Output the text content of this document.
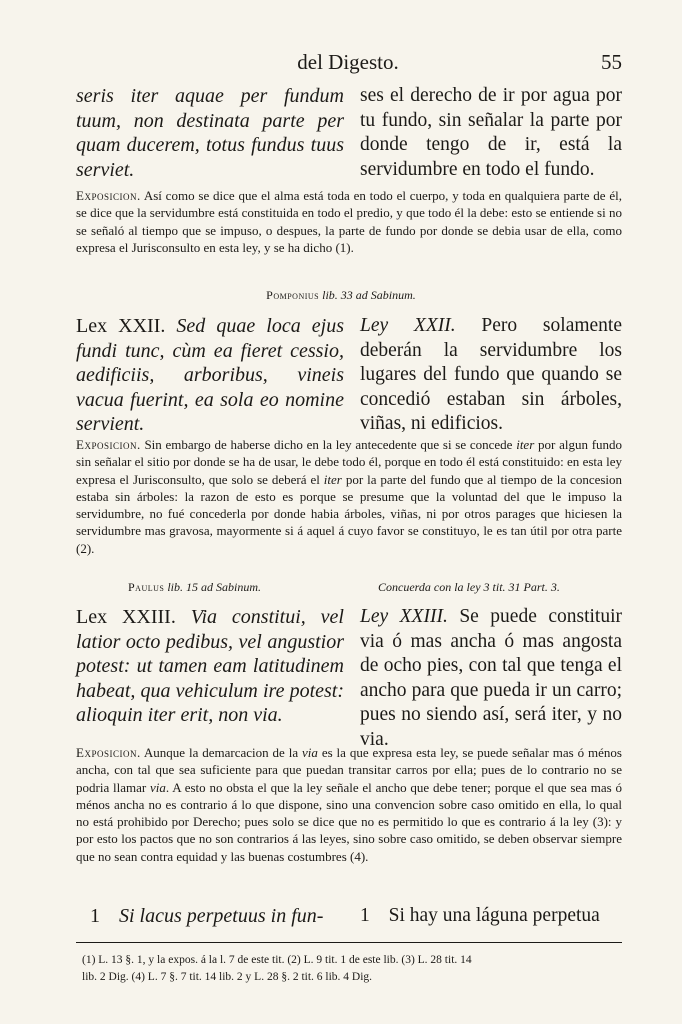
del Digesto.	55
seris iter aquae per fundum tuum, non destinata parte per quam ducerem, totus fundus tuus serviet.
ses el derecho de ir por agua por tu fundo, sin señalar la parte por donde tengo de ir, está la servidumbre en todo el fundo.
Exposicion. Así como se dice que el alma está toda en todo el cuerpo, y toda en qualquiera parte de él, se dice que la servidumbre está constituida en todo el predio, y que todo él la debe: esto se entiende si no se señaló al tiempo que se impuso, o despues, la parte de fundo por donde se debia usar de ella, como expresa el Jurisconsulto en esta ley, y se ha dicho (1).
Pomponius lib. 33 ad Sabinum.
Lex XXII. Sed quae loca ejus fundi tunc, cùm ea fieret cessio, aedificiis, arboribus, vineis vacua fuerint, ea sola eo nomine servient.
Ley XXII. Pero solamente deberán la servidumbre los lugares del fundo que quando se concedió estaban sin árboles, viñas, ni edificios.
Exposicion. Sin embargo de haberse dicho en la ley antecedente que si se concede iter por algun fundo sin señalar el sitio por donde se ha de usar, le debe todo él, porque en todo él está constituido: en esta ley expresa el Jurisconsulto, que solo se deberá el iter por la parte del fundo que al tiempo de la concesion estaba sin árboles: la razon de esto es porque se presume que la voluntad del que le impuso la servidumbre, no fué concederla por donde habia árboles, viñas, ni por otros parages que hiciesen la servidumbre mas gravosa, mayormente si á aquel á cuyo favor se constituyo, le es tan útil por otra parte (2).
Paulus lib. 15 ad Sabinum.	Concuerda con la ley 3 tit. 31 Part. 3.
Lex XXIII. Via constitui, vel latior octo pedibus, vel angustior potest: ut tamen eam latitudinem habeat, qua vehiculum ire potest: alioquin iter erit, non via.
Ley XXIII. Se puede constituir via ó mas ancha ó mas angosta de ocho pies, con tal que tenga el ancho para que pueda ir un carro; pues no siendo así, será iter, y no via.
Exposicion. Aunque la demarcacion de la via es la que expresa esta ley, se puede señalar mas ó ménos ancha, con tal que sea suficiente para que puedan transitar carros por ella; pues de lo contrario no se podria llamar via. A esto no obsta el que la ley señale el ancho que debe tener; porque el que sea mas ó ménos ancha no es contrario á lo que dispone, sino una convencion sobre caso omitido en ella, lo qual no está prohibido por Derecho; pues solo se dice que no es permitido lo que es contrario á la ley (3): y por esto los pactos que no son contrarios á las leyes, sino sobre caso omitido, se deben observar siempre que no sean contra equidad y las buenas costumbres (4).
1 Si lacus perpetuus in fun-	1 Si hay una láguna perpetua
(1) L. 13 §. 1, y la expos. á la l. 7 de este tit. (2) L. 9 tit. 1 de este lib. (3) L. 28 tit. 14
lib. 2 Dig. (4) L. 7 §. 7 tit. 14 lib. 2 y L. 28 §. 2 tit. 6 lib. 4 Dig.
